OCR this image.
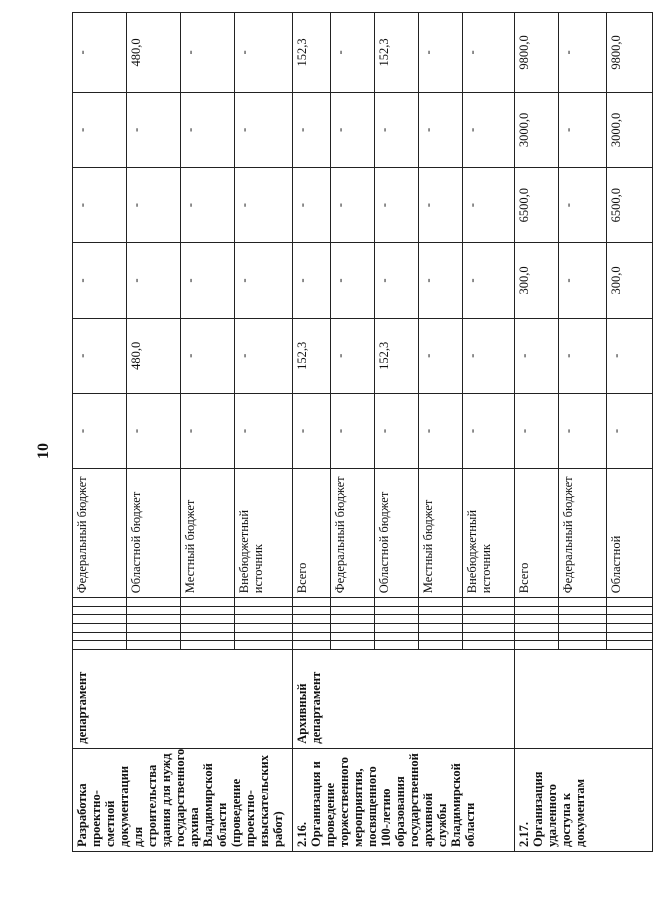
10
Разработка проектно-сметной документации для строительства здания для нужд государственного архива Владимирской области (проведение проектно-изыскательских работ)	департамент							Федеральный бюджет	-	-	-	-	-	-
								Областной бюджет	-	480,0	-	-	-	480,0
								Местный бюджет	-	-	-	-	-	-
								Внебюджетный источник	-	-	-	-	-	-
2.16. Организация и проведение торжественного мероприятия, посвященного 100-летию образования государственной архивной службы Владимирской области	Архивный департамент							Всего	-	152,3	-	-	-	152,3
								Федеральный бюджет	-	-	-	-	-	-
								Областной бюджет	-	152,3	-	-	-	152,3
								Местный бюджет	-	-	-	-	-	-
								Внебюджетный источник	-	-	-	-	-	-
2.17. Организация удаленного доступа к документам								Всего	-	-	300,0	6500,0	3000,0	9800,0
								Федеральный бюджет	-	-	-	-	-	-
								Областной	-	-	300,0	6500,0	3000,0	9800,0
